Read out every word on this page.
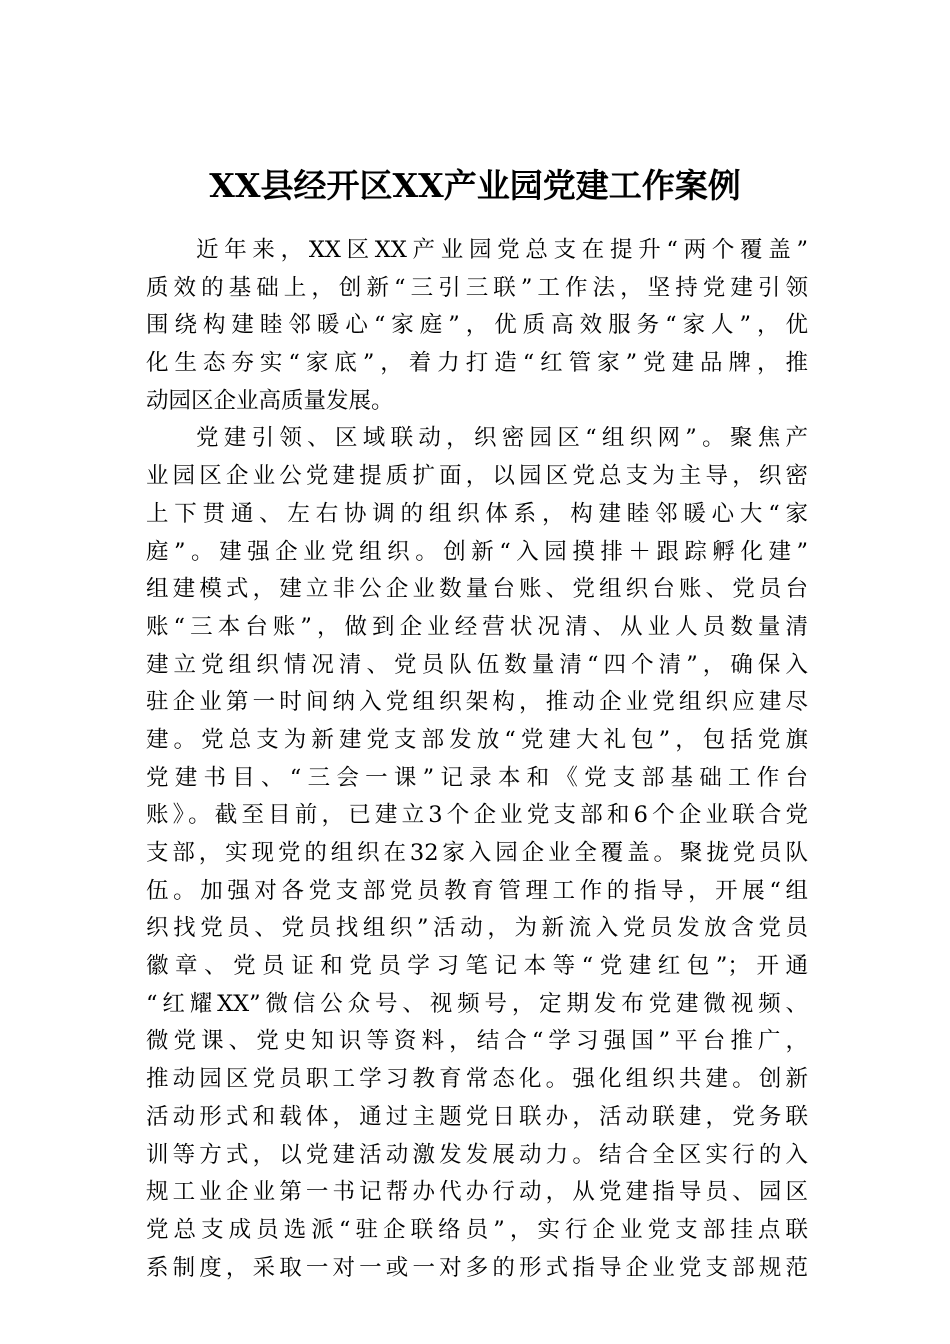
XX县经开区XX产业园党建工作案例
近年来，XX区XX产业园党总支在提升“两个覆盖”
质效的基础上，创新“三引三联”工作法，坚持党建引领
围绕构建睦邻暖心“家庭”，优质高效服务“家人”，优
化生态夯实“家底”，着力打造“红管家”党建品牌，推
动园区企业高质量发展。
党建引领、区域联动，织密园区“组织网”。聚焦产
业园区企业公党建提质扩面，以园区党总支为主导，织密
上下贯通、左右协调的组织体系，构建睦邻暖心大“家
庭”。建强企业党组织。创新“入园摸排＋跟踪孵化建”
组建模式，建立非公企业数量台账、党组织台账、党员台
账“三本台账”，做到企业经营状况清、从业人员数量清
建立党组织情况清、党员队伍数量清“四个清”，确保入
驻企业第一时间纳入党组织架构，推动企业党组织应建尽
建。党总支为新建党支部发放“党建大礼包”，包括党旗
党建书目、“三会一课”记录本和《党支部基础工作台
账》。截至目前，已建立3个企业党支部和6个企业联合党
支部，实现党的组织在32家入园企业全覆盖。聚拢党员队
伍。加强对各党支部党员教育管理工作的指导，开展“组
织找党员、党员找组织”活动，为新流入党员发放含党员
徽章、党员证和党员学习笔记本等“党建红包”；开通
“红耀XX”微信公众号、视频号，定期发布党建微视频、
微党课、党史知识等资料，结合“学习强国”平台推广，
推动园区党员职工学习教育常态化。强化组织共建。创新
活动形式和载体，通过主题党日联办，活动联建，党务联
训等方式，以党建活动激发发展动力。结合全区实行的入
规工业企业第一书记帮办代办行动，从党建指导员、园区
党总支成员选派“驻企联络员”，实行企业党支部挂点联
系制度，采取一对一或一对多的形式指导企业党支部规范
